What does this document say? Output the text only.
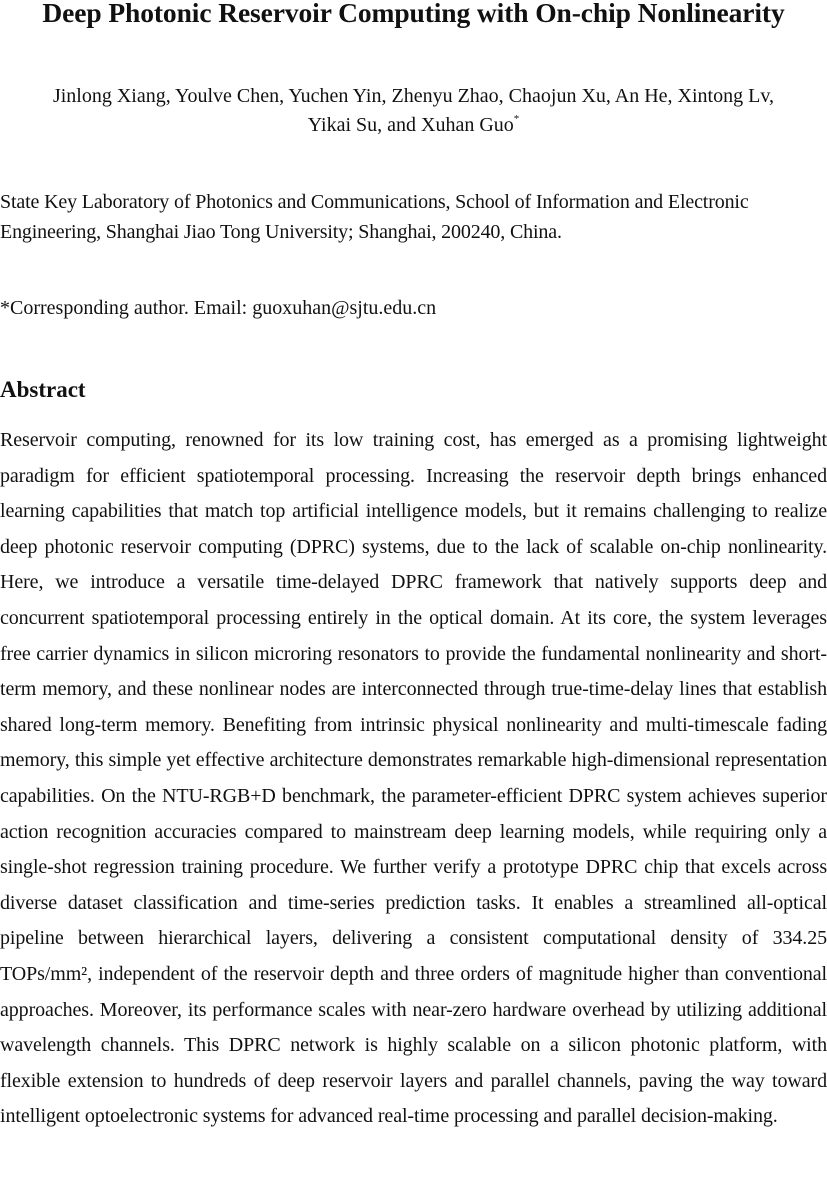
Deep Photonic Reservoir Computing with On-chip Nonlinearity
Jinlong Xiang, Youlve Chen, Yuchen Yin, Zhenyu Zhao, Chaojun Xu, An He, Xintong Lv,
Yikai Su, and Xuhan Guo*
State Key Laboratory of Photonics and Communications, School of Information and Electronic Engineering, Shanghai Jiao Tong University; Shanghai, 200240, China.
*Corresponding author. Email: guoxuhan@sjtu.edu.cn
Abstract

Reservoir computing, renowned for its low training cost, has emerged as a promising lightweight paradigm for efficient spatiotemporal processing. Increasing the reservoir depth brings enhanced learning capabilities that match top artificial intelligence models, but it remains challenging to realize deep photonic reservoir computing (DPRC) systems, due to the lack of scalable on-chip nonlinearity. Here, we introduce a versatile time-delayed DPRC framework that natively supports deep and concurrent spatiotemporal processing entirely in the optical domain. At its core, the system leverages free carrier dynamics in silicon microring resonators to provide the fundamental nonlinearity and short-term memory, and these nonlinear nodes are interconnected through true-time-delay lines that establish shared long-term memory. Benefiting from intrinsic physical nonlinearity and multi-timescale fading memory, this simple yet effective architecture demonstrates remarkable high-dimensional representation capabilities. On the NTU-RGB+D benchmark, the parameter-efficient DPRC system achieves superior action recognition accuracies compared to mainstream deep learning models, while requiring only a single-shot regression training procedure. We further verify a prototype DPRC chip that excels across diverse dataset classification and time-series prediction tasks. It enables a streamlined all-optical pipeline between hierarchical layers, delivering a consistent computational density of 334.25 TOPs/mm², independent of the reservoir depth and three orders of magnitude higher than conventional approaches. Moreover, its performance scales with near-zero hardware overhead by utilizing additional wavelength channels. This DPRC network is highly scalable on a silicon photonic platform, with flexible extension to hundreds of deep reservoir layers and parallel channels, paving the way toward intelligent optoelectronic systems for advanced real-time processing and parallel decision-making.
